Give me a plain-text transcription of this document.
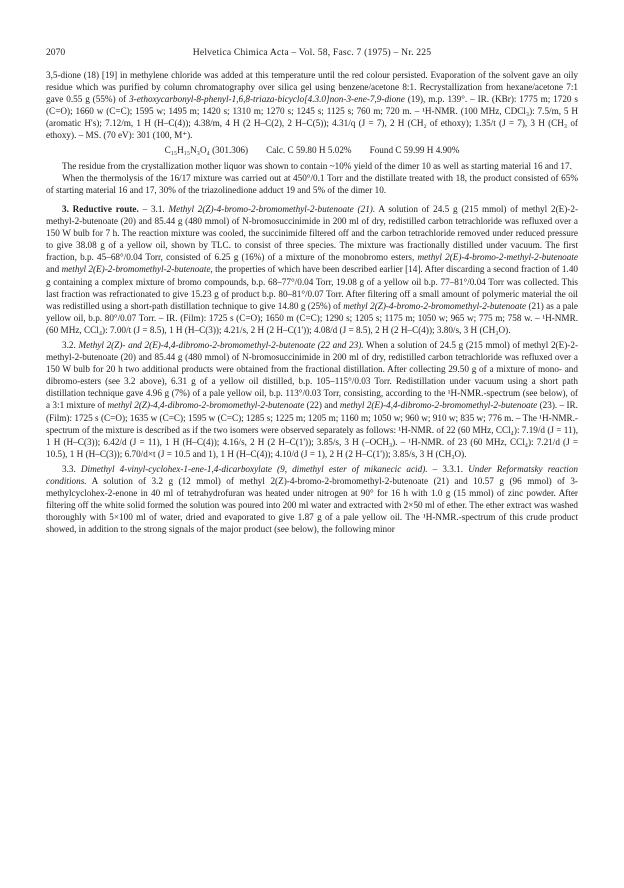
2070	Helvetica Chimica Acta – Vol. 58, Fasc. 7 (1975) – Nr. 225

3,5-dione (18) [19] in methylene chloride was added at this temperature until the red colour persisted. Evaporation of the solvent gave an oily residue which was purified by column chromatography over silica gel using benzene/acetone 8:1. Recrystallization from hexane/acetone 7:1 gave 0.55 g (55%) of 3-ethoxycarbonyl-8-phenyl-1,6,8-triaza-bicyclo[4.3.0]non-3-ene-7,9-dione (19), m.p. 139°. – IR. (KBr): 1775 m; 1720 s (C=O); 1660 w (C=C); 1595 w; 1495 m; 1420 s; 1310 m; 1270 s; 1245 s; 1125 s; 760 m; 720 m. – ¹H-NMR. (100 MHz, CDCl₃): 7.5/m, 5 H (aromatic H's); 7.12/m, 1 H (H–C(4)); 4.38/m, 4 H (2 H–C(2), 2 H–C(5)); 4.31/q (J = 7), 2 H (CH₂ of ethoxy); 1.35/t (J = 7), 3 H (CH₃ of ethoxy). – MS. (70 eV): 301 (100, M⁺).

C₁₅H₁₅N₃O₄ (301.306) Calc. C 59.80 H 5.02% Found C 59.99 H 4.90%

The residue from the crystallization mother liquor was shown to contain ~10% yield of the dimer 10 as well as starting material 16 and 17.

When the thermolysis of the 16/17 mixture was carried out at 450°/0.1 Torr and the distillate treated with 18, the product consisted of 65% of starting material 16 and 17, 30% of the triazolinedione adduct 19 and 5% of the dimer 10.

3. Reductive route. – 3.1. Methyl 2(Z)-4-bromo-2-bromomethyl-2-butenoate (21). A solution of 24.5 g (215 mmol) of methyl 2(E)-2-methyl-2-butenoate (20) and 85.44 g (480 mmol) of N-bromosuccinimide in 200 ml of dry, redistilled carbon tetrachloride was refluxed over a 150 W bulb for 7 h. The reaction mixture was cooled, the succinimide filtered off and the carbon tetrachloride removed under reduced pressure to give 38.08 g of a yellow oil, shown by TLC. to consist of three species. The mixture was fractionally distilled under vacuum. The first fraction, b.p. 45–68°/0.04 Torr, consisted of 6.25 g (16%) of a mixture of the monobromo esters, methyl 2(E)-4-bromo-2-methyl-2-butenoate and methyl 2(E)-2-bromomethyl-2-butenoate, the properties of which have been described earlier [14]. After discarding a second fraction of 1.40 g containing a complex mixture of bromo compounds, b.p. 68–77°/0.04 Torr, 19.08 g of a yellow oil b.p. 77–81°/0.04 Torr was collected. This last fraction was refractionated to give 15.23 g of product b.p. 80–81°/0.07 Torr. After filtering off a small amount of polymeric material the oil was redistilled using a short-path distillation technique to give 14.80 g (25%) of methyl 2(Z)-4-bromo-2-bromomethyl-2-butenoate (21) as a pale yellow oil, b.p. 80°/0.07 Torr. – IR. (Film): 1725 s (C=O); 1650 m (C=C); 1290 s; 1205 s; 1175 m; 1050 w; 965 w; 775 m; 758 w. – ¹H-NMR. (60 MHz, CCl₄): 7.00/t (J = 8.5), 1 H (H–C(3)); 4.21/s, 2 H (2 H–C(1')); 4.08/d (J = 8.5), 2 H (2 H–C(4)); 3.80/s, 3 H (CH₃O).

3.2. Methyl 2(Z)- and 2(E)-4,4-dibromo-2-bromomethyl-2-butenoate (22 and 23). When a solution of 24.5 g (215 mmol) of methyl 2(E)-2-methyl-2-butenoate (20) and 85.44 g (480 mmol) of N-bromosuccinimide in 200 ml of dry, redistilled carbon tetrachloride was refluxed over a 150 W bulb for 20 h two additional products were obtained from the fractional distillation. After collecting 29.50 g of a mixture of mono- and dibromo-esters (see 3.2 above), 6.31 g of a yellow oil distilled, b.p. 105–115°/0.03 Torr. Redistillation under vacuum using a short path distillation technique gave 4.96 g (7%) of a pale yellow oil, b.p. 113°/0.03 Torr, consisting, according to the ¹H-NMR.-spectrum (see below), of a 3:1 mixture of methyl 2(Z)-4,4-dibromo-2-bromomethyl-2-butenoate (22) and methyl 2(E)-4,4-dibromo-2-bromomethyl-2-butenoate (23). – IR. (Film): 1725 s (C=O); 1635 w (C=C); 1595 w (C=C); 1285 s; 1225 m; 1205 m; 1160 m; 1050 w; 960 w; 910 w; 835 w; 776 m. – The ¹H-NMR.-spectrum of the mixture is described as if the two isomers were observed separately as follows: ¹H-NMR. of 22 (60 MHz, CCl₄): 7.19/d (J = 11), 1 H (H–C(3)); 6.42/d (J = 11), 1 H (H–C(4)); 4.16/s, 2 H (2 H–C(1')); 3.85/s, 3 H (–OCH₃). – ¹H-NMR. of 23 (60 MHz, CCl₄): 7.21/d (J = 10.5), 1 H (H–C(3)); 6.70/d×t (J = 10.5 and 1), 1 H (H–C(4)); 4.10/d (J = 1), 2 H (2 H–C(1')); 3.85/s, 3 H (CH₃O).

3.3. Dimethyl 4-vinyl-cyclohex-1-ene-1,4-dicarboxylate (9, dimethyl ester of mikanecic acid). – 3.3.1. Under Reformatsky reaction conditions. A solution of 3.2 g (12 mmol) of methyl 2(Z)-4-bromo-2-bromomethyl-2-butenoate (21) and 10.57 g (96 mmol) of 3-methylcyclohex-2-enone in 40 ml of tetrahydrofuran was heated under nitrogen at 90° for 16 h with 1.0 g (15 mmol) of zinc powder. After filtering off the white solid formed the solution was poured into 200 ml water and extracted with 2×50 ml of ether. The ether extract was washed thoroughly with 5×100 ml of water, dried and evaporated to give 1.87 g of a pale yellow oil. The ¹H-NMR.-spectrum of this crude product showed, in addition to the strong signals of the major product (see below), the following minor
